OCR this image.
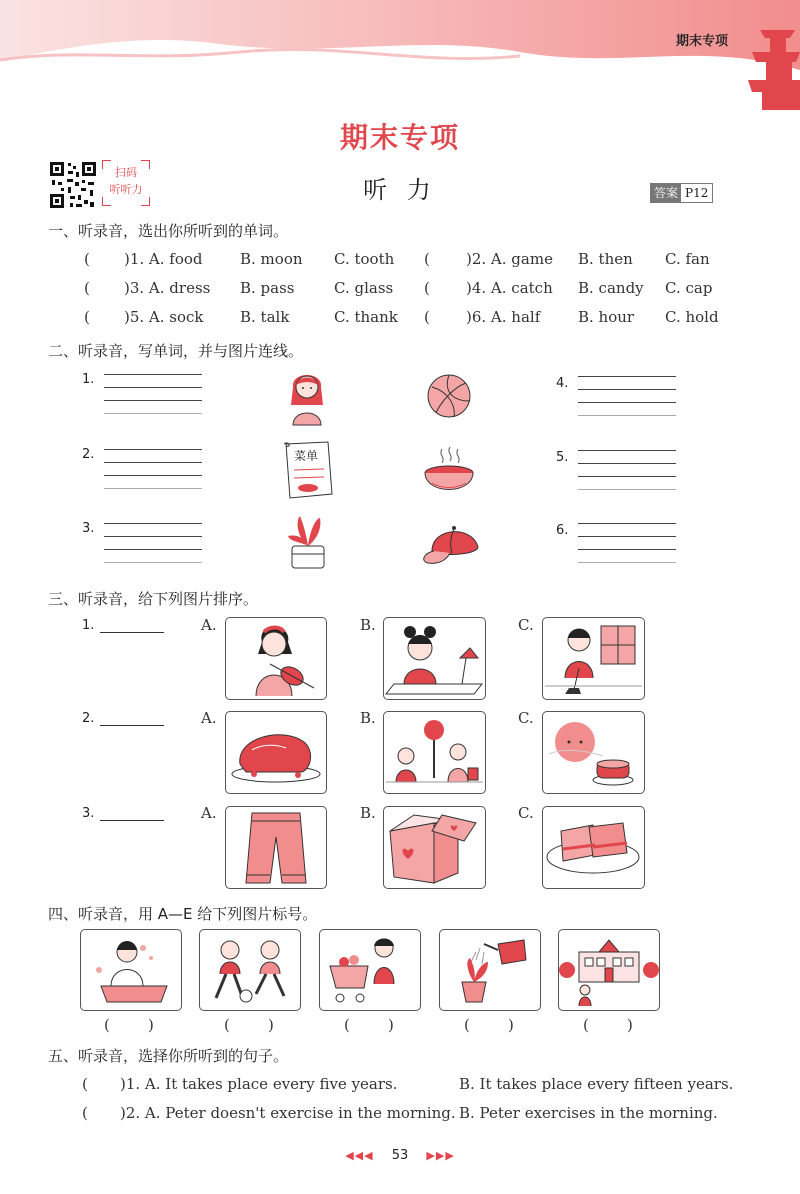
期末专项
期末专项
听 力
扫码
听听力	答案 P12
一、听录音，选出你所听到的单词。
( )1. A. food B. moon C. tooth ( )2. A. game B. then C. fan
( )3. A. dress B. pass	C. glass ( )4. A. catch B. candy C. cap
( )5. A. sock B. talk	C. thank ( )6. A. half	B. hour C. hold
二、听录音，写单词，并与图片连线。
1.
2.
3.
4.
5.
6.
菜单
三、听录音，给下列图片排序。
1.	A.	B.	C.
2.	A.	B.	C.
3.	A.	B.	C.
四、听录音，用 A—E 给下列图片标号。
(        )	(        )	(        )	(        )	(        )
五、听录音，选择你所听到的句子。
( )1. A. It takes place every five years.	B. It takes place every fifteen years.
( )2. A. Peter doesn't exercise in the morning. B. Peter exercises in the morning.
◀◀◀ 53 ▶▶▶
